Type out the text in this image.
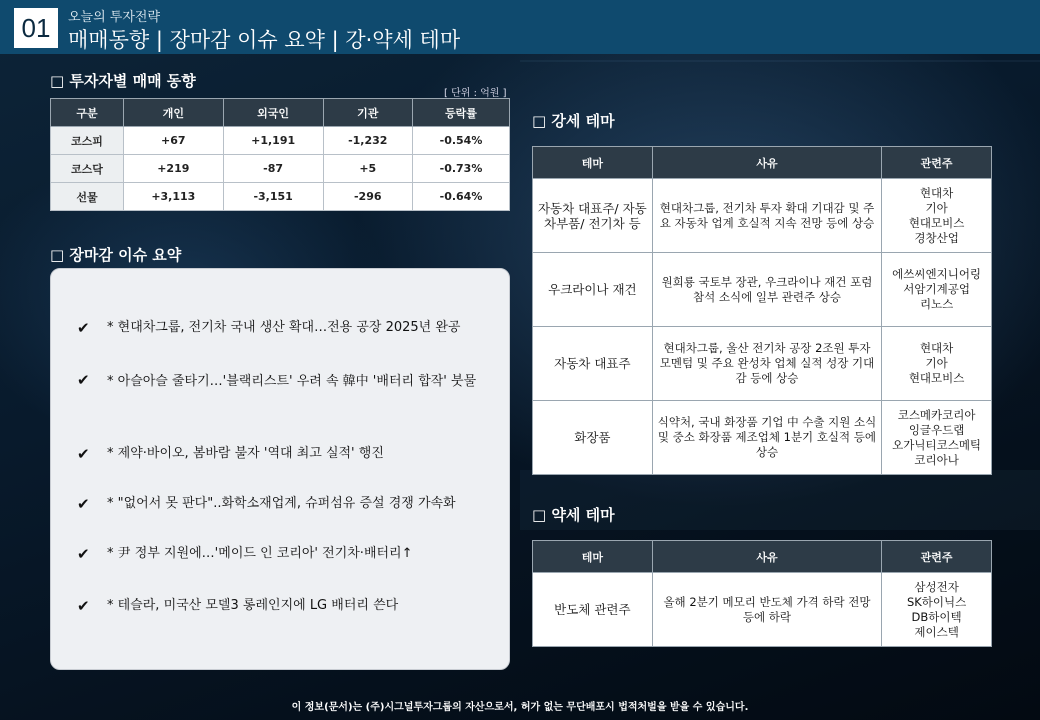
01	오늘의 투자전략
매매동향 | 장마감 이슈 요약 | 강·약세 테마
□ 투자자별 매매 동향
[ 단위 : 억원 ]
구분	개인	외국인	기관	등락률
코스피	+67	+1,191	-1,232	-0.54%
코스닥	+219	-87	+5	-0.73%
선물	+3,113	-3,151	-296	-0.64%
□ 장마감 이슈 요약
✔	* 현대차그룹, 전기차 국내 생산 확대…전용 공장 2025년 완공
✔	* 아슬아슬 줄타기…'블랙리스트' 우려 속 韓中 '배터리 합작' 붓물
✔	* 제약·바이오, 봄바람 불자 '역대 최고 실적' 행진
✔	* "없어서 못 판다"..화학소재업계, 슈퍼섬유 증설 경쟁 가속화
✔	* 尹 정부 지원에…'메이드 인 코리아' 전기차·배터리↑
✔	* 테슬라, 미국산 모델3 롱레인지에 LG 배터리 쓴다
□ 강세 테마
테마	사유	관련주
자동차 대표주/ 자동차부품/ 전기차 등	현대차그룹, 전기차 투자 확대 기대감 및 주요 자동차 업계 호실적 지속 전망 등에 상승	현대차
기아
현대모비스
경창산업

우크라이나 재건	원희룡 국토부 장관, 우크라이나 재건 포럼 참석 소식에 일부 관련주 상승	에쓰씨엔지니어링
서암기계공업
리노스

자동차 대표주	현대차그룹, 울산 전기차 공장 2조원 투자 모멘텀 및 주요 완성차 업체 실적 성장 기대감 등에 상승	현대차
기아
현대모비스

화장품	식약처, 국내 화장품 기업 中 수출 지원 소식 및 중소 화장품 제조업체 1분기 호실적 등에 상승	코스메카코리아
잉글우드랩
오가닉티코스메틱
코리아나
□ 약세 테마
테마	사유	관련주
반도체 관련주	올해 2분기 메모리 반도체 가격 하락 전망 등에 하락	삼성전자
SK하이닉스
DB하이텍
제이스텍
이 정보(문서)는 (주)시그널투자그룹의 자산으로서, 허가 없는 무단배포시 법적처벌을 받을 수 있습니다.
